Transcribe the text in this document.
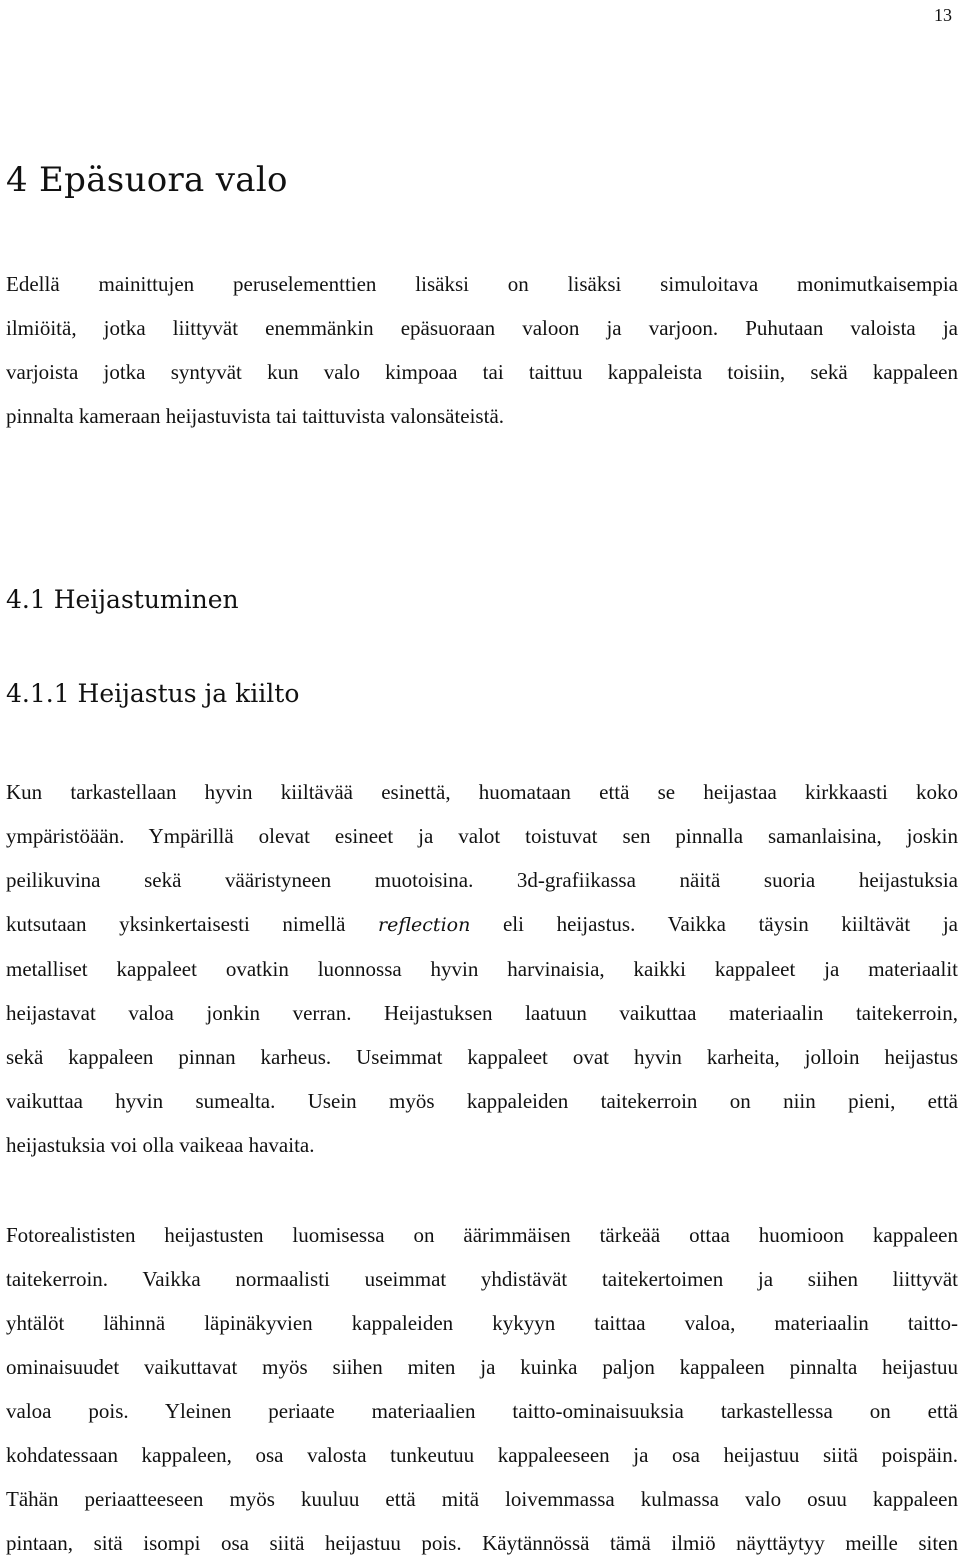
13
4 Epäsuora valo

Edellä mainittujen peruselementtien lisäksi on lisäksi simuloitava monimutkaisempia
ilmiöitä, jotka liittyvät enemmänkin epäsuoraan valoon ja varjoon. Puhutaan valoista ja
varjoista jotka syntyvät kun valo kimpoaa tai taittuu kappaleista toisiin, sekä kappaleen
pinnalta kameraan heijastuvista tai taittuvista valonsäteistä.

4.1 Heijastuminen
4.1.1 Heijastus ja kiilto

Kun tarkastellaan hyvin kiiltävää esinettä, huomataan että se heijastaa kirkkaasti koko
ympäristöään. Ympärillä olevat esineet ja valot toistuvat sen pinnalla samanlaisina, joskin
peilikuvina sekä vääristyneen muotoisina. 3d-grafiikassa näitä suoria heijastuksia
kutsutaan yksinkertaisesti nimellä reflection eli heijastus. Vaikka täysin kiiltävät ja
metalliset kappaleet ovatkin luonnossa hyvin harvinaisia, kaikki kappaleet ja materiaalit
heijastavat valoa jonkin verran. Heijastuksen laatuun vaikuttaa materiaalin taitekerroin,
sekä kappaleen pinnan karheus. Useimmat kappaleet ovat hyvin karheita, jolloin heijastus
vaikuttaa hyvin sumealta. Usein myös kappaleiden taitekerroin on niin pieni, että
heijastuksia voi olla vaikeaa havaita.

Fotorealististen heijastusten luomisessa on äärimmäisen tärkeää ottaa huomioon kappaleen
taitekerroin. Vaikka normaalisti useimmat yhdistävät taitekertoimen ja siihen liittyvät
yhtälöt lähinnä läpinäkyvien kappaleiden kykyyn taittaa valoa, materiaalin taitto-
ominaisuudet vaikuttavat myös siihen miten ja kuinka paljon kappaleen pinnalta heijastuu
valoa pois. Yleinen periaate materiaalien taitto-ominaisuuksia tarkastellessa on että
kohdatessaan kappaleen, osa valosta tunkeutuu kappaleeseen ja osa heijastuu siitä poispäin.
Tähän periaatteeseen myös kuuluu että mitä loivemmassa kulmassa valo osuu kappaleen
pintaan, sitä isompi osa siitä heijastuu pois. Käytännössä tämä ilmiö näyttäytyy meille siten
